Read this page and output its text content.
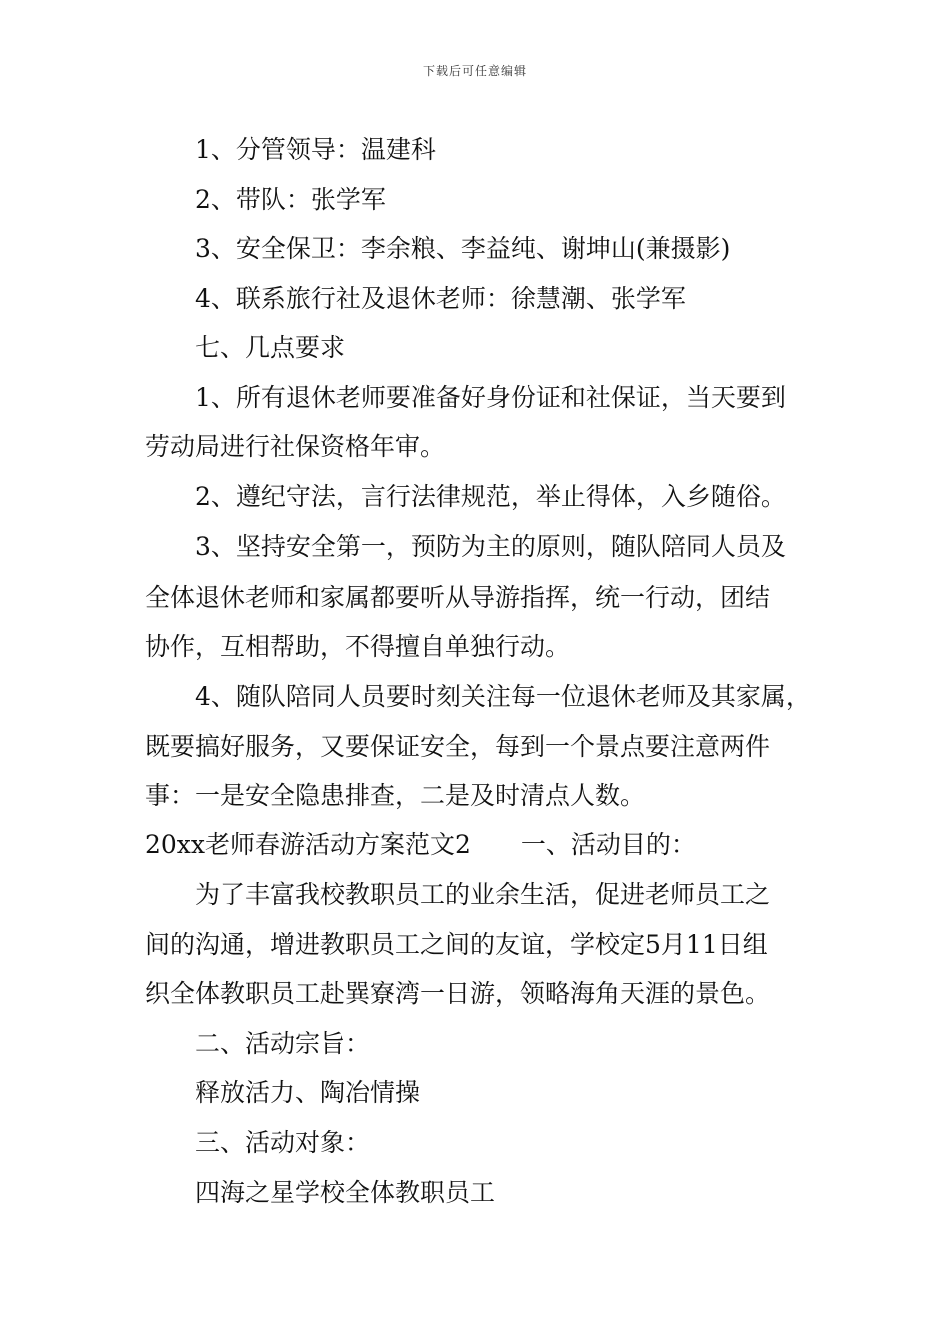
下载后可任意编辑
1、分管领导：温建科
2、带队：张学军
3、安全保卫：李余粮、李益纯、谢坤山(兼摄影)
4、联系旅行社及退休老师：徐慧潮、张学军
七、几点要求
1、所有退休老师要准备好身份证和社保证，当天要到
劳动局进行社保资格年审。
2、遵纪守法，言行法律规范，举止得体，入乡随俗。
3、坚持安全第一，预防为主的原则，随队陪同人员及
全体退休老师和家属都要听从导游指挥，统一行动，团结
协作，互相帮助，不得擅自单独行动。
4、随队陪同人员要时刻关注每一位退休老师及其家属，
既要搞好服务，又要保证安全，每到一个景点要注意两件
事：一是安全隐患排查，二是及时清点人数。
20xx老师春游活动方案范文2 一、活动目的：
为了丰富我校教职员工的业余生活，促进老师员工之
间的沟通，增进教职员工之间的友谊，学校定5月11日组
织全体教职员工赴巽寮湾一日游，领略海角天涯的景色。
二、活动宗旨：
释放活力、陶冶情操
三、活动对象：
四海之星学校全体教职员工
